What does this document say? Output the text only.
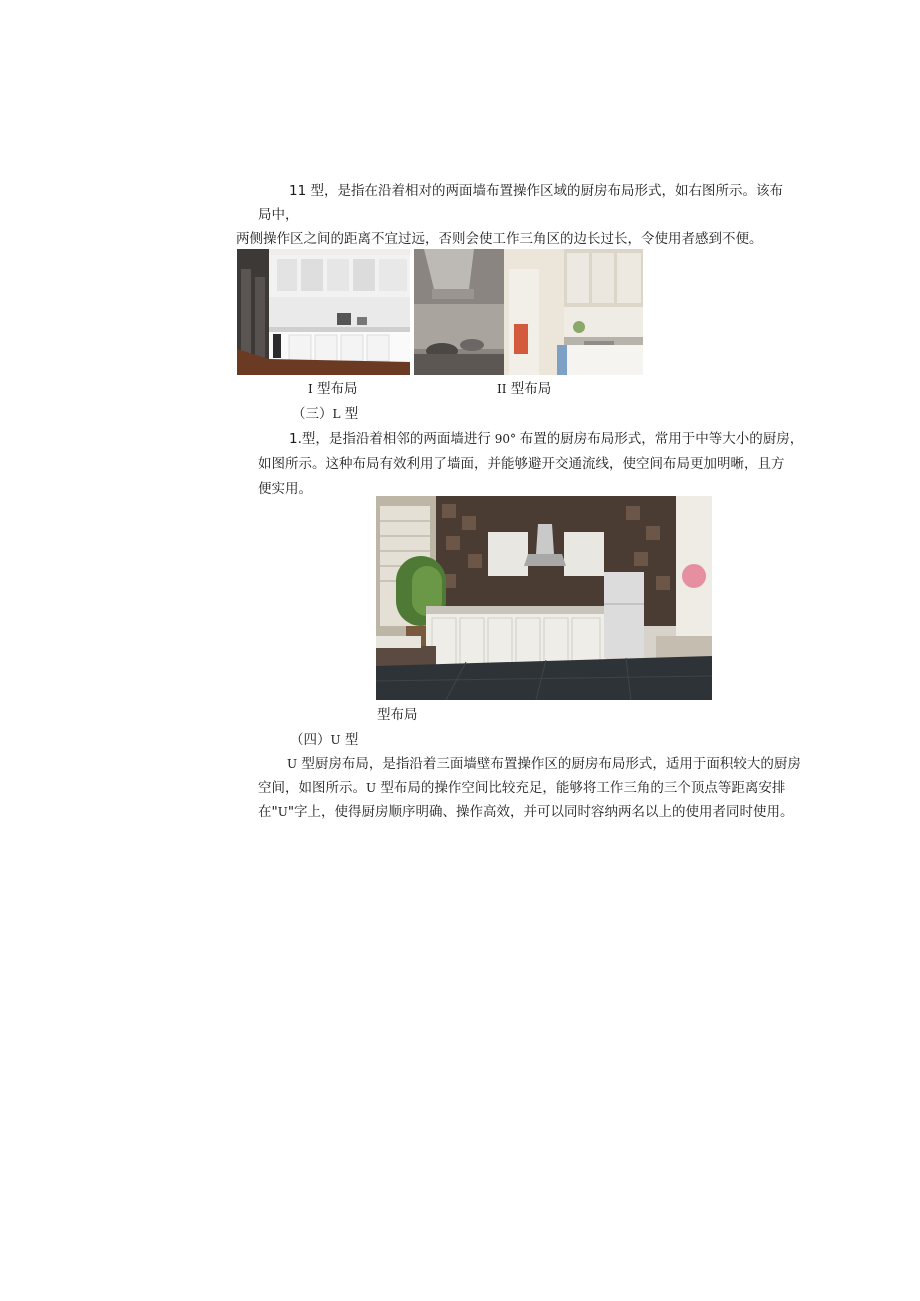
11 型，是指在沿着相对的两面墙布置操作区域的厨房布局形式，如右图所示。该布
局中，
两侧操作区之间的距离不宜过远，否则会使工作三角区的边长过长，令使用者感到不便。
I 型布局	II 型布局
（三）L 型
1.型，是指沿着相邻的两面墙进行 90° 布置的厨房布局形式，常用于中等大小的厨房，
如图所示。这种布局有效利用了墙面，并能够避开交通流线，使空间布局更加明晰，且方
便实用。
型布局
（四）U 型
U 型厨房布局，是指沿着三面墙壁布置操作区的厨房布局形式，适用于面积较大的厨房
空间，如图所示。U 型布局的操作空间比较充足，能够将工作三角的三个顶点等距离安排
在"U"字上，使得厨房顺序明确、操作高效，并可以同时容纳两名以上的使用者同时使用。
